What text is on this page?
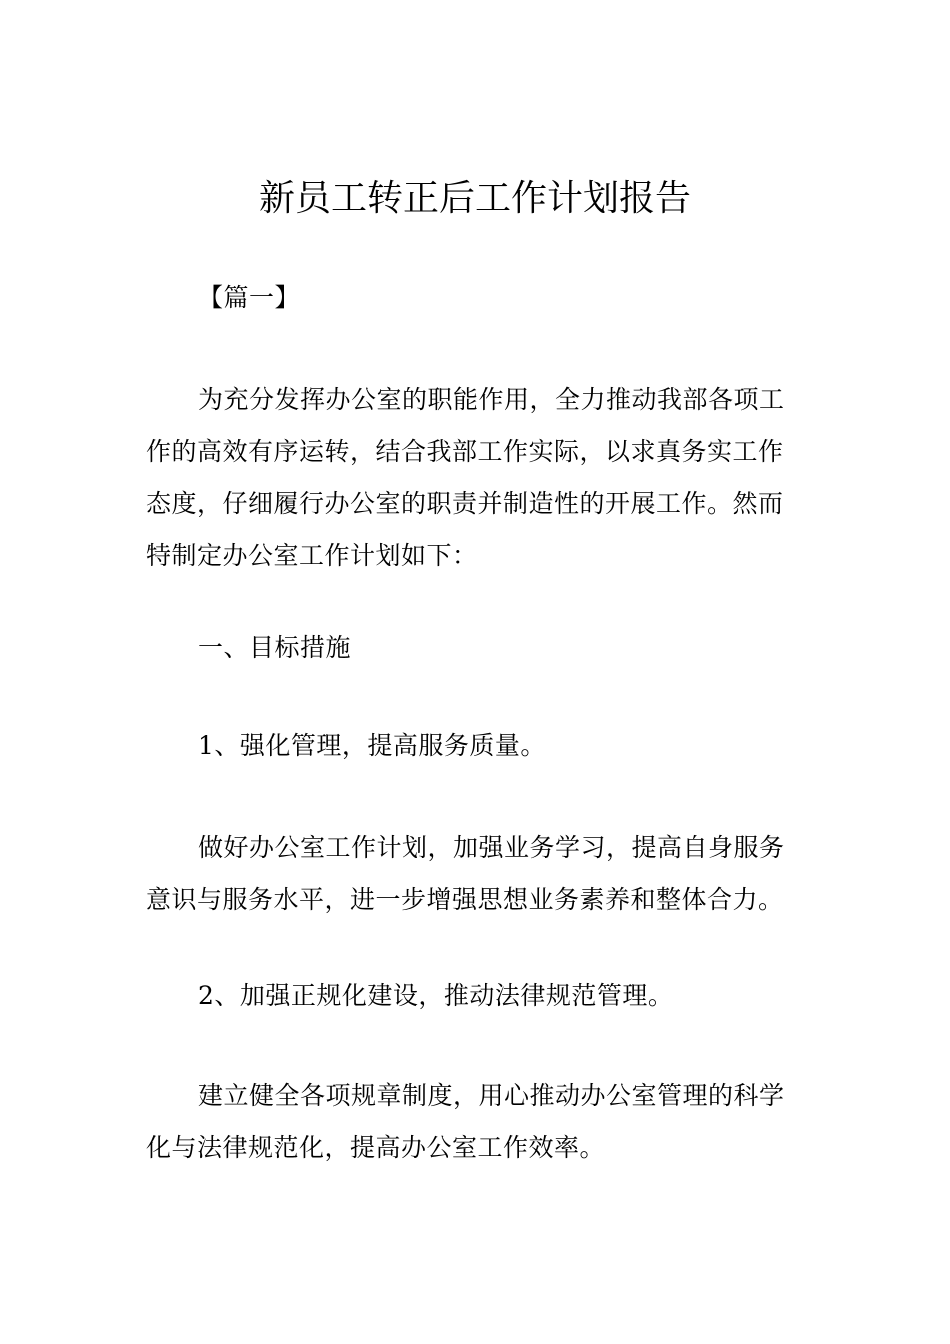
新员工转正后工作计划报告

【篇一】

为充分发挥办公室的职能作用，全力推动我部各项工
作的高效有序运转，结合我部工作实际，以求真务实工作
态度，仔细履行办公室的职责并制造性的开展工作。然而
特制定办公室工作计划如下：

一、目标措施

1、强化管理，提高服务质量。

做好办公室工作计划，加强业务学习，提高自身服务
意识与服务水平，进一步增强思想业务素养和整体合力。

2、加强正规化建设，推动法律规范管理。

建立健全各项规章制度，用心推动办公室管理的科学
化与法律规范化，提高办公室工作效率。
